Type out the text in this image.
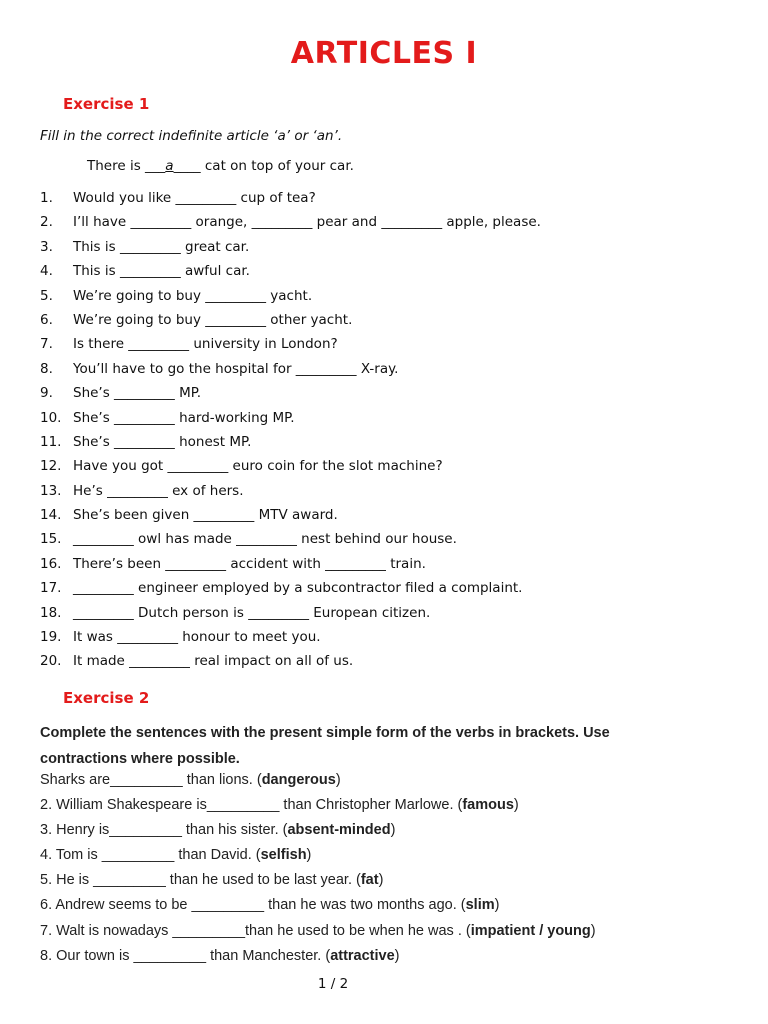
ARTICLES I
Exercise 1
Fill in the correct indefinite article ‘a’ or ‘an’.
There is ___a____ cat on top of your car.
1.	Would you like _________ cup of tea?
2.	I’ll have _________ orange, _________ pear and _________ apple, please.
3.	This is _________ great car.
4.	This is _________ awful car.
5.	We’re going to buy _________ yacht.
6.	We’re going to buy _________ other yacht.
7.	Is there _________ university in London?
8.	You’ll have to go the hospital for _________ X-ray.
9.	She’s _________ MP.
10. She’s _________ hard-working MP.
11. She’s _________ honest MP.
12. Have you got _________ euro coin for the slot machine?
13. He’s _________ ex of hers.
14. She’s been given _________ MTV award.
15. _________ owl has made _________ nest behind our house.
16. There’s been _________ accident with _________ train.
17. _________ engineer employed by a subcontractor filed a complaint.
18. _________ Dutch person is _________ European citizen.
19. It was _________ honour to meet you.
20. It made _________ real impact on all of us.
Exercise 2
Complete the sentences with the present simple form of the verbs in brackets. Use contractions where possible.
Sharks are_________ than lions. (dangerous)
2. William Shakespeare is_________ than Christopher Marlowe. (famous)
3. Henry is_________ than his sister. (absent-minded)
4. Tom is _________ than David. (selfish)
5. He is _________ than he used to be last year. (fat)
6. Andrew seems to be _________ than he was two months ago. (slim)
7. Walt is nowadays _________than he used to be when he was . (impatient / young)
8. Our town is _________ than Manchester. (attractive)
1 / 2
